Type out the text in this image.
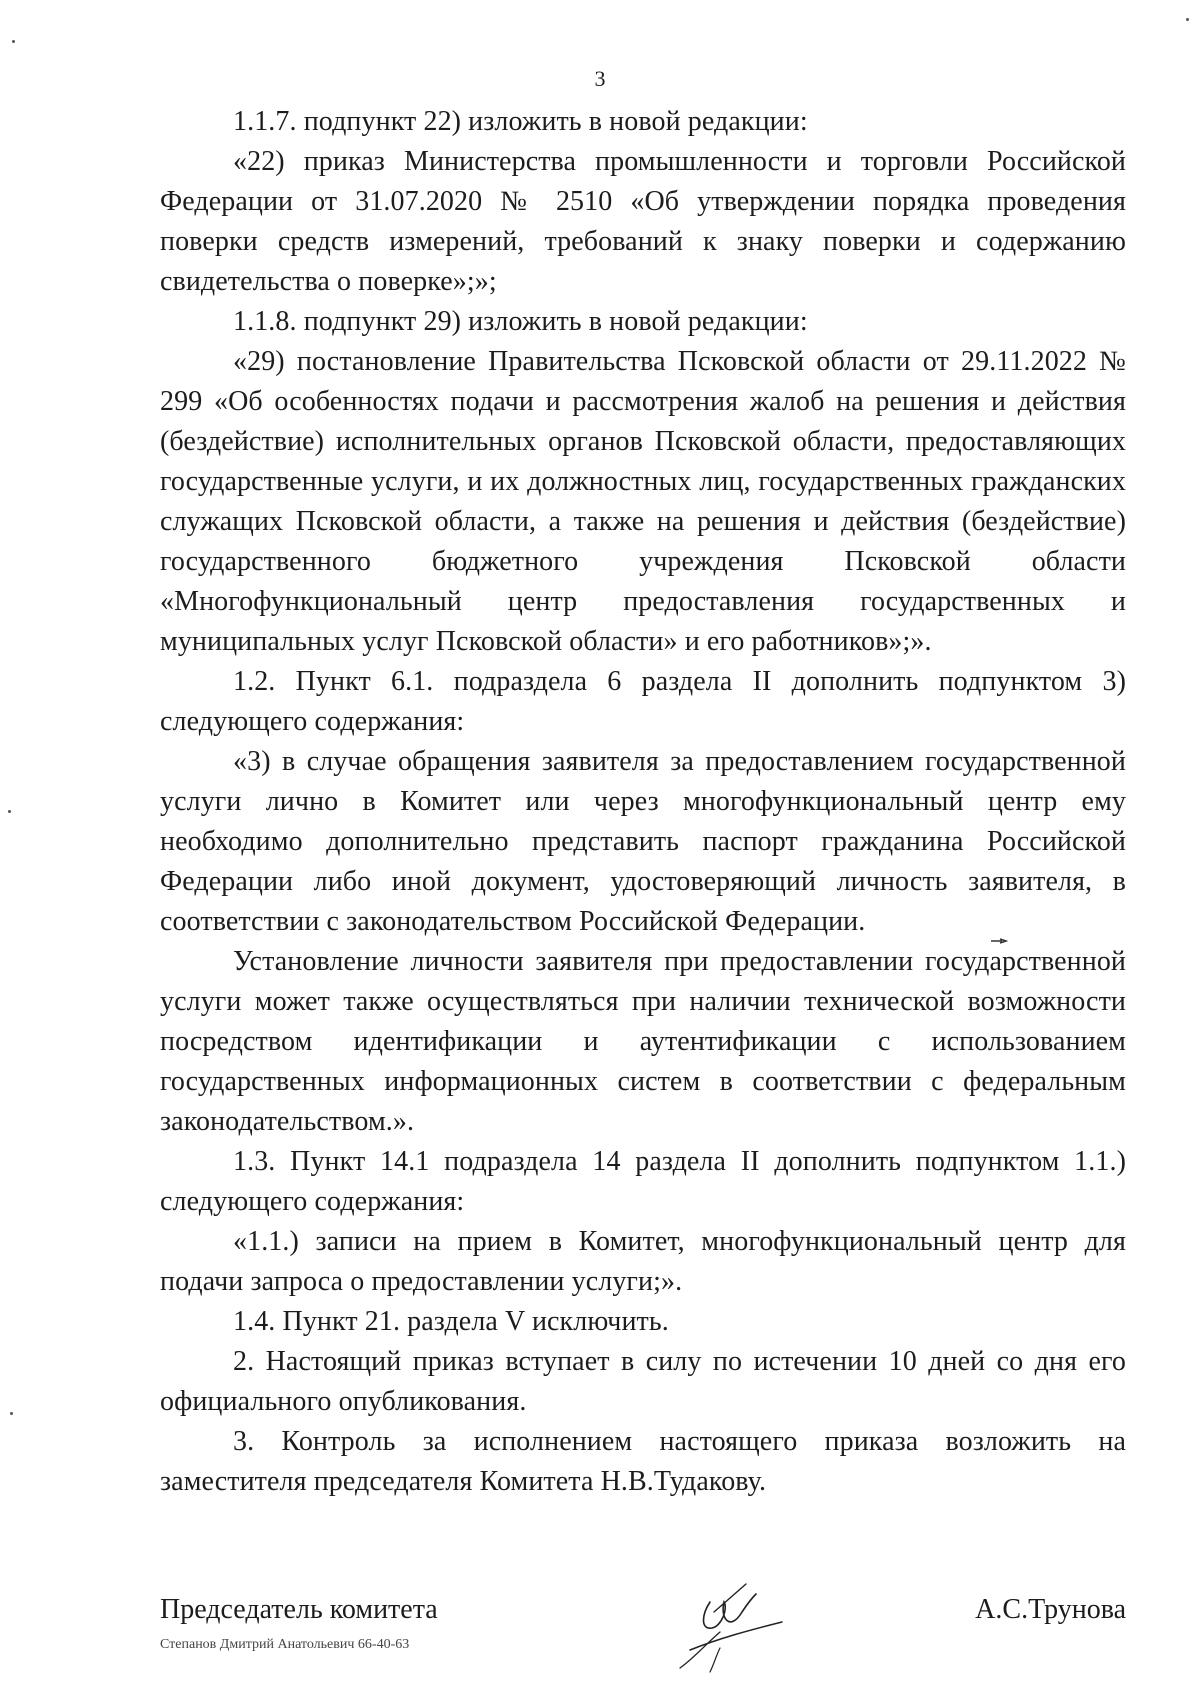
3

1.1.7. подпункт 22) изложить в новой редакции:

«22) приказ Министерства промышленности и торговли Российской Федерации от 31.07.2020 № 2510 «Об утверждении порядка проведения поверки средств измерений, требований к знаку поверки и содержанию свидетельства о поверке»;»;

1.1.8. подпункт 29) изложить в новой редакции:

«29) постановление Правительства Псковской области от 29.11.2022 № 299 «Об особенностях подачи и рассмотрения жалоб на решения и действия (бездействие) исполнительных органов Псковской области, предоставляющих государственные услуги, и их должностных лиц, государственных гражданских служащих Псковской области, а также на решения и действия (бездействие) государственного бюджетного учреждения Псковской области «Многофункциональный центр предоставления государственных и муниципальных услуг Псковской области» и его работников»;».

1.2. Пункт 6.1. подраздела 6 раздела II дополнить подпунктом 3) следующего содержания:

«3) в случае обращения заявителя за предоставлением государственной услуги лично в Комитет или через многофункциональный центр ему необходимо дополнительно представить паспорт гражданина Российской Федерации либо иной документ, удостоверяющий личность заявителя, в соответствии с законодательством Российской Федерации.

Установление личности заявителя при предоставлении государственной услуги может также осуществляться при наличии технической возможности посредством идентификации и аутентификации с использованием государственных информационных систем в соответствии с федеральным законодательством.».

1.3. Пункт 14.1 подраздела 14 раздела II дополнить подпунктом 1.1.) следующего содержания:

«1.1.) записи на прием в Комитет, многофункциональный центр для подачи запроса о предоставлении услуги;».

1.4. Пункт 21. раздела V исключить.

2. Настоящий приказ вступает в силу по истечении 10 дней со дня его официального опубликования.

3. Контроль за исполнением настоящего приказа возложить на заместителя председателя Комитета Н.В.Тудакову.

Председатель комитета	А.С.Трунова
Степанов Дмитрий Анатольевич 66-40-63
